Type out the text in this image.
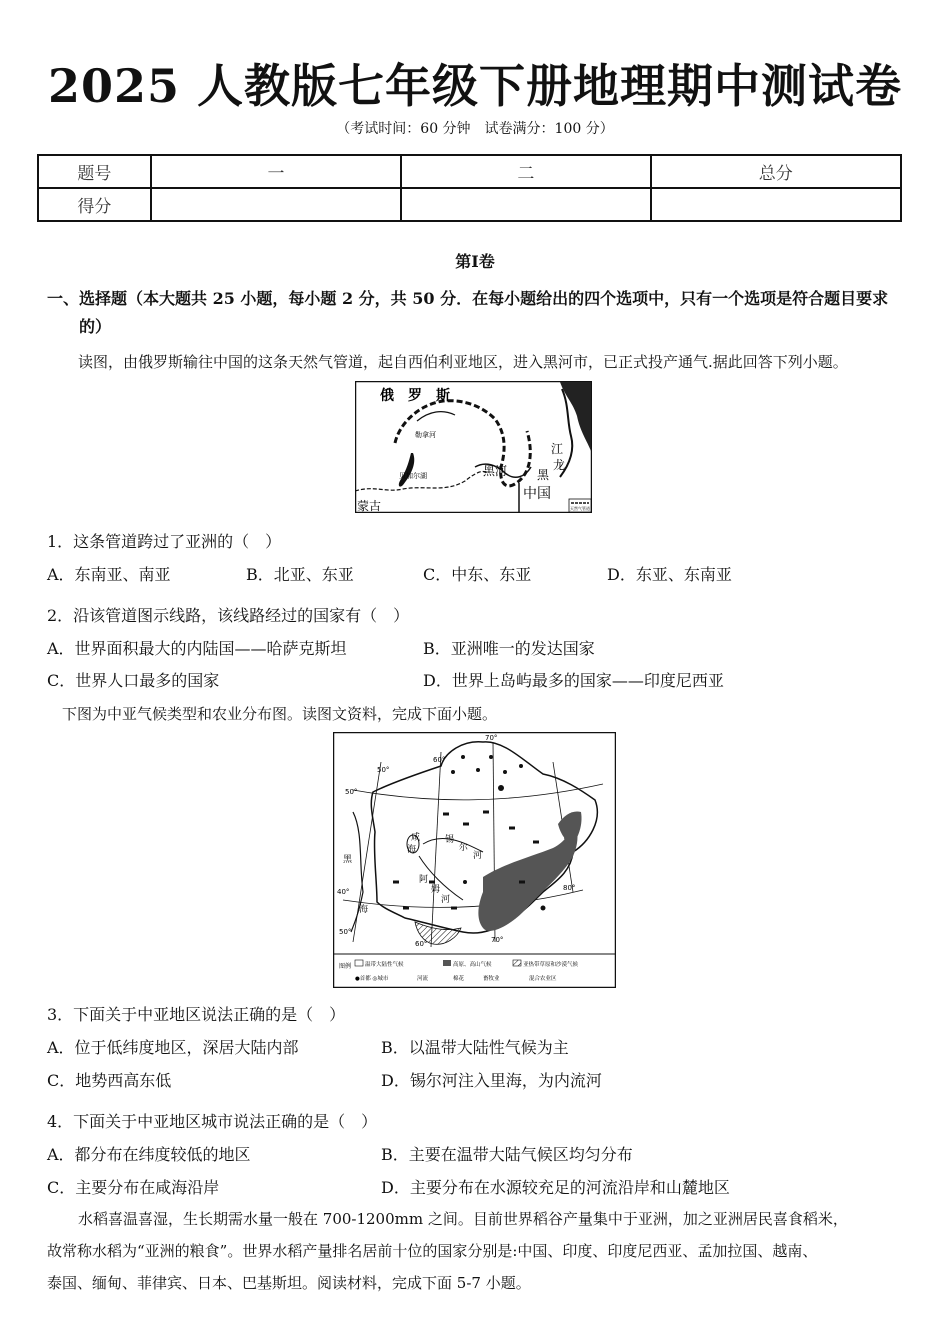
2025 人教版七年级下册地理期中测试卷
（考试时间：60 分钟　试卷满分：100 分）
题号	一	二	总分
得分			
第I卷
一、选择题（本大题共 25 小题，每小题 2 分，共 50 分．在每小题给出的四个选项中，只有一个选项是符合题目要求
的）
读图，由俄罗斯输往中国的这条天然气管道，起自西伯利亚地区，进入黑河市，已正式投产通气.据此回答下列小题。
俄　罗　斯
勒拿河
贝加尔湖	黑河 黑
龙
江
中国
蒙古	天然气管道
1．这条管道跨过了亚洲的（　）
A．东南亚、南亚	B．北亚、东亚	C．中东、东亚	D．东亚、东南亚
2．沿该管道图示线路，该线路经过的国家有（　）
A．世界面积最大的内陆国——哈萨克斯坦	B．亚洲唯一的发达国家
C．世界人口最多的国家	D．世界上岛屿最多的国家——印度尼西亚
下图为中亚气候类型和农业分布图。读图文资料，完成下面小题。
70°
60°
50°
50°
40°
50°
60°	70°
80°
咸
海
锡
尔
河
阿
姆
河
黑
海
图例	温带大陆性气候	高原、高山气候	亚热带草原和沙漠气候
●首都 ◎城市	河流	棉花	畜牧业	混合农业区
3．下面关于中亚地区说法正确的是（　）
A．位于低纬度地区，深居大陆内部	B．以温带大陆性气候为主
C．地势西高东低	D．锡尔河注入里海，为内流河
4．下面关于中亚地区城市说法正确的是（　）
A．都分布在纬度较低的地区	B．主要在温带大陆气候区均匀分布
C．主要分布在咸海沿岸	D．主要分布在水源较充足的河流沿岸和山麓地区
水稻喜温喜湿，生长期需水量一般在 700-1200mm 之间。目前世界稻谷产量集中于亚洲，加之亚洲居民喜食稻米，
故常称水稻为“亚洲的粮食”。世界水稻产量排名居前十位的国家分别是:中国、印度、印度尼西亚、孟加拉国、越南、
泰国、缅甸、菲律宾、日本、巴基斯坦。阅读材料，完成下面 5-7 小题。
